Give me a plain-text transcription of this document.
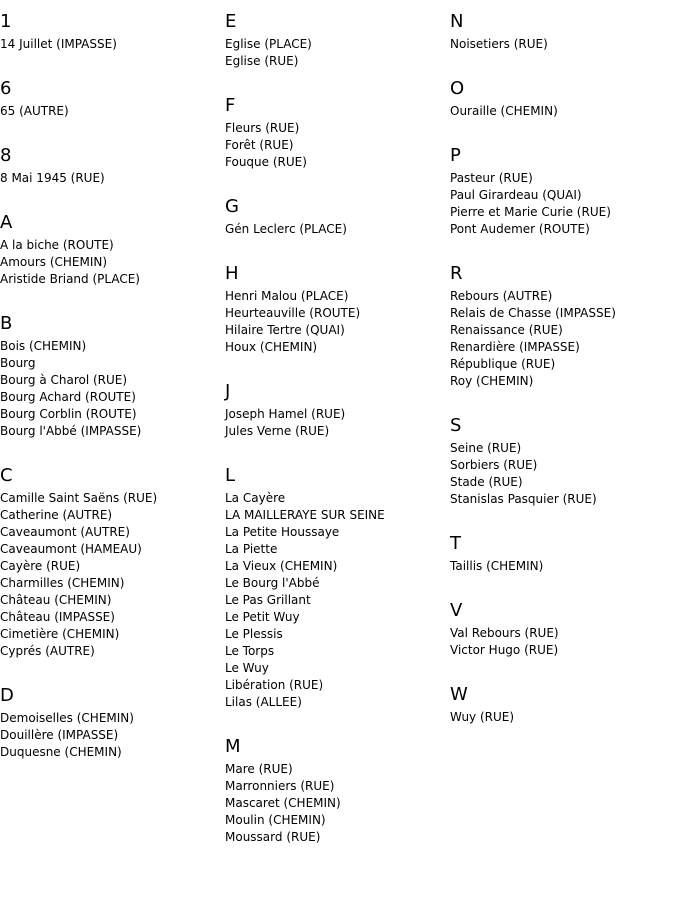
1
14 Juillet (IMPASSE)
6
65 (AUTRE)
8
8 Mai 1945 (RUE)
A
A la biche (ROUTE)
Amours (CHEMIN)
Aristide Briand (PLACE)
B
Bois (CHEMIN)
Bourg
Bourg à Charol (RUE)
Bourg Achard (ROUTE)
Bourg Corblin (ROUTE)
Bourg l'Abbé (IMPASSE)
C
Camille Saint Saëns (RUE)
Catherine (AUTRE)
Caveaumont (AUTRE)
Caveaumont (HAMEAU)
Cayère (RUE)
Charmilles (CHEMIN)
Château (CHEMIN)
Château (IMPASSE)
Cimetière (CHEMIN)
Cyprés (AUTRE)
D
Demoiselles (CHEMIN)
Douillère (IMPASSE)
Duquesne (CHEMIN)
E
Eglise (PLACE)
Eglise (RUE)
F
Fleurs (RUE)
Forêt (RUE)
Fouque (RUE)
G
Gén Leclerc (PLACE)
H
Henri Malou (PLACE)
Heurteauville (ROUTE)
Hilaire Tertre (QUAI)
Houx (CHEMIN)
J
Joseph Hamel (RUE)
Jules Verne (RUE)
L
La Cayère
LA MAILLERAYE SUR SEINE
La Petite Houssaye
La Piette
La Vieux (CHEMIN)
Le Bourg l'Abbé
Le Pas Grillant
Le Petit Wuy
Le Plessis
Le Torps
Le Wuy
Libération (RUE)
Lilas (ALLEE)
M
Mare (RUE)
Marronniers (RUE)
Mascaret (CHEMIN)
Moulin (CHEMIN)
Moussard (RUE)
N
Noisetiers (RUE)
O
Ouraille (CHEMIN)
P
Pasteur (RUE)
Paul Girardeau (QUAI)
Pierre et Marie Curie (RUE)
Pont Audemer (ROUTE)
R
Rebours (AUTRE)
Relais de Chasse (IMPASSE)
Renaissance (RUE)
Renardière (IMPASSE)
République (RUE)
Roy (CHEMIN)
S
Seine (RUE)
Sorbiers (RUE)
Stade (RUE)
Stanislas Pasquier (RUE)
T
Taillis (CHEMIN)
V
Val Rebours (RUE)
Victor Hugo (RUE)
W
Wuy (RUE)
